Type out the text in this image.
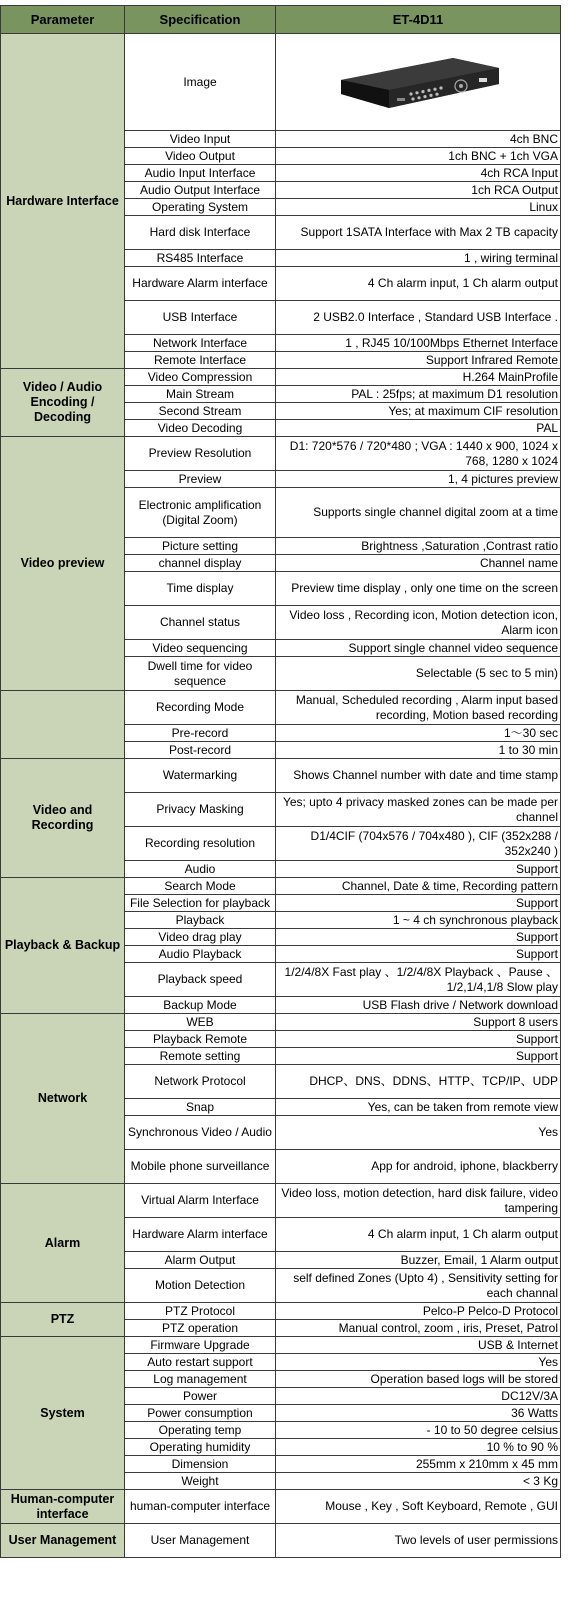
Parameter	Specification	ET-4D11
Hardware Interface	Image	

	Video Input	4ch BNC
	Video Output	1ch BNC + 1ch VGA
	Audio Input Interface	4ch RCA Input
	Audio Output Interface	1ch RCA Output
	Operating System	Linux
	Hard disk Interface	Support 1SATA Interface with Max 2 TB capacity
	RS485 Interface	1 , wiring terminal
	Hardware Alarm interface	4 Ch alarm input, 1 Ch alarm output
	USB Interface	2 USB2.0 Interface , Standard USB Interface .
	Network Interface	1 , RJ45 10/100Mbps Ethernet Interface
	Remote Interface	Support Infrared Remote
Video / Audio Encoding / Decoding	Video Compression	H.264 MainProfile
	Main Stream	PAL : 25fps; at maximum D1 resolution
	Second Stream	Yes; at maximum CIF resolution
	Video Decoding	PAL
Video preview	Preview Resolution	D1: 720*576 / 720*480 ; VGA : 1440 x 900, 1024 x 768, 1280 x 1024
	Preview	1, 4 pictures preview
	Electronic amplification (Digital Zoom)	Supports single channel digital zoom at a time
	Picture setting	Brightness ,Saturation ,Contrast ratio
	channel display	Channel name
	Time display	Preview time display , only one time on the screen
	Channel status	Video loss , Recording icon, Motion detection icon, Alarm icon
	Video sequencing	Support single channel video sequence
	Dwell time for video sequence	Selectable (5 sec to 5 min)
	Recording Mode	Manual, Scheduled recording , Alarm input based recording, Motion based recording
	Pre-record	1～30 sec
	Post-record	1 to 30 min
Video and Recording	Watermarking	Shows Channel number with date and time stamp
	Privacy Masking	Yes; upto 4 privacy masked zones can be made per channel
	Recording resolution	D1/4CIF (704x576 / 704x480 ), CIF (352x288 / 352x240 )
	Audio	Support
Playback & Backup	Search Mode	Channel, Date & time, Recording pattern
	File Selection for playback	Support
	Playback	1 ~ 4 ch synchronous playback
	Video drag play	Support
	Audio Playback	Support
	Playback speed	1/2/4/8X Fast play 、1/2/4/8X Playback 、Pause 、1/2,1/4,1/8 Slow play
	Backup Mode	USB Flash drive / Network download
Network	WEB	Support 8 users
	Playback Remote	Support
	Remote setting	Support
	Network Protocol	DHCP、DNS、DDNS、HTTP、TCP/IP、UDP
	Snap	Yes, can be taken from remote view
	Synchronous Video / Audio	Yes
	Mobile phone surveillance	App for android, iphone, blackberry
Alarm	Virtual Alarm Interface	Video loss, motion detection, hard disk failure, video tampering
	Hardware Alarm interface	4 Ch alarm input, 1 Ch alarm output
	Alarm Output	Buzzer, Email, 1 Alarm output
	Motion Detection	self defined Zones (Upto 4) , Sensitivity setting for each channal
PTZ	PTZ Protocol	Pelco-P Pelco-D Protocol
	PTZ operation	Manual control, zoom , iris, Preset, Patrol
System	Firmware Upgrade	USB & Internet
	Auto restart support	Yes
	Log management	Operation based logs will be stored
	Power	DC12V/3A
	Power consumption	36 Watts
	Operating temp	- 10 to 50 degree celsius
	Operating humidity	10 % to 90 %
	Dimension	255mm x 210mm x 45 mm
	Weight	< 3 Kg
Human-computer interface	human-computer interface	Mouse , Key , Soft Keyboard, Remote , GUI
User Management	User Management	Two levels of user permissions
